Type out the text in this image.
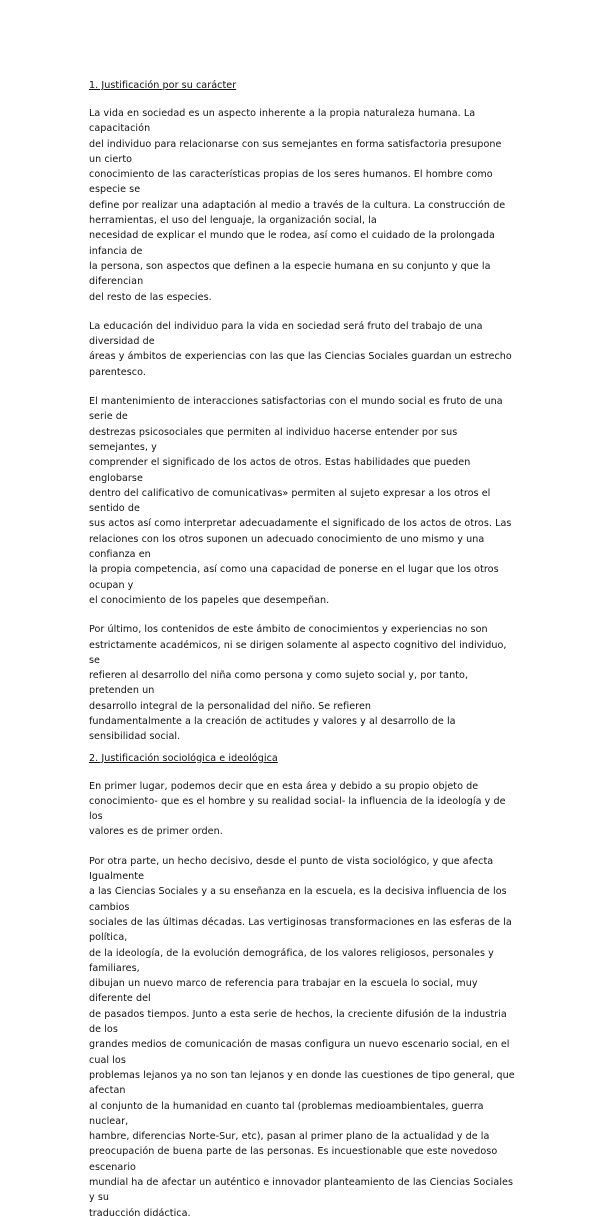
1. Justificación por su carácter

La vida en sociedad es un aspecto inherente a la propia naturaleza humana. La capacitación
del individuo para relacionarse con sus semejantes en forma satisfactoria presupone un cierto
conocimiento de las características propias de los seres humanos. El hombre como especie se
define por realizar una adaptación al medio a través de la cultura. La construcción de
herramientas, el uso del lenguaje, la organización social, la
necesidad de explicar el mundo que le rodea, así como el cuidado de la prolongada infancia de
la persona, son aspectos que definen a la especie humana en su conjunto y que la diferencian
del resto de las especies.

La educación del individuo para la vida en sociedad será fruto del trabajo de una diversidad de
áreas y ámbitos de experiencias con las que las Ciencias Sociales guardan un estrecho
parentesco.

El mantenimiento de interacciones satisfactorias con el mundo social es fruto de una serie de
destrezas psicosociales que permiten al individuo hacerse entender por sus semejantes, y
comprender el significado de los actos de otros. Estas habilidades que pueden englobarse
dentro del calificativo de comunicativas» permiten al sujeto expresar a los otros el sentido de
sus actos así como interpretar adecuadamente el significado de los actos de otros. Las
relaciones con los otros suponen un adecuado conocimiento de uno mismo y una confianza en
la propia competencia, así como una capacidad de ponerse en el lugar que los otros ocupan y
el conocimiento de los papeles que desempeñan.

Por último, los contenidos de este ámbito de conocimientos y experiencias no son
estrictamente académicos, ni se dirigen solamente al aspecto cognitivo del individuo, se
refieren al desarrollo del niña como persona y como sujeto social y, por tanto, pretenden un
desarrollo integral de la personalidad del niño. Se refieren
fundamentalmente a la creación de actitudes y valores y al desarrollo de la sensibilidad social.

2. Justificación sociológica e ideológica

En primer lugar, podemos decir que en esta área y debido a su propio objeto de
conocimiento- que es el hombre y su realidad social- la influencia de la ideología y de los
valores es de primer orden.

Por otra parte, un hecho decisivo, desde el punto de vista sociológico, y que afecta Igualmente
a las Ciencias Sociales y a su enseñanza en la escuela, es la decisiva influencia de los cambios
sociales de las últimas décadas. Las vertiginosas transformaciones en las esferas de la política,
de la ideología, de la evolución demográfica, de los valores religiosos, personales y familiares,
dibujan un nuevo marco de referencia para trabajar en la escuela lo social, muy diferente del
de pasados tiempos. Junto a esta serie de hechos, la creciente difusión de la industria de los
grandes medios de comunicación de masas configura un nuevo escenario social, en el cual los
problemas lejanos ya no son tan lejanos y en donde las cuestiones de tipo general, que afectan
al conjunto de la humanidad en cuanto tal (problemas medioambientales, guerra nuclear,
hambre, diferencias Norte-Sur, etc), pasan al primer plano de la actualidad y de la
preocupación de buena parte de las personas. Es incuestionable que este novedoso escenario
mundial ha de afectar un auténtico e innovador planteamiento de las Ciencias Sociales y su
traducción didáctica.
